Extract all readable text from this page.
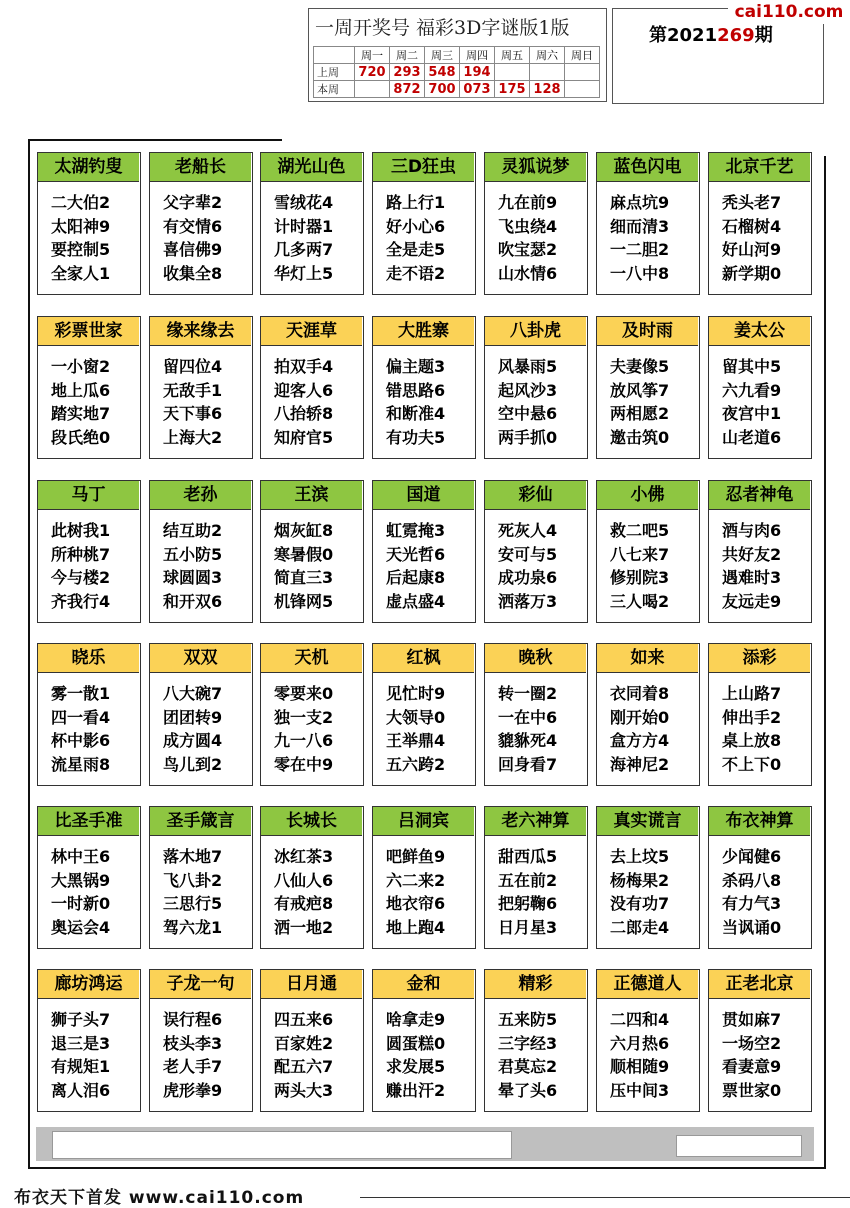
一周开奖号 福彩3D字谜版1版
	周一	周二	周三	周四	周五	周六	周日
上周	720	293	548	194			
本周		872	700	073	175	128	
第2021269期
cai110.com
太湖钓叟
二大伯2
太阳神9
要控制5
全家人1
老船长
父字辈2
有交情6
喜信佛9
收集全8
湖光山色
雪绒花4
计时器1
几多两7
华灯上5
三D狂虫
路上行1
好小心6
全是走5
走不语2
灵狐说梦
九在前9
飞虫绕4
吹宝瑟2
山水情6
蓝色闪电
麻点坑9
细而清3
一二胆2
一八中8
北京千艺
秃头老7
石榴树4
好山河9
新学期0
彩票世家
一小窗2
地上瓜6
踏实地7
段氏绝0
缘来缘去
留四位4
无敌手1
天下事6
上海大2
天涯草
拍双手4
迎客人6
八抬轿8
知府官5
大胜寨
偏主题3
错思路6
和断准4
有功夫5
八卦虎
风暴雨5
起风沙3
空中悬6
两手抓0
及时雨
夫妻像5
放风筝7
两相愿2
邀击筑0
姜太公
留其中5
六九看9
夜宫中1
山老道6
马丁
此树我1
所种桃7
今与楼2
齐我行4
老孙
结互助2
五小防5
球圆圆3
和开双6
王滨
烟灰缸8
寒暑假0
简直三3
机锋网5
国道
虹霓掩3
天光哲6
后起康8
虚点盛4
彩仙
死灰人4
安可与5
成功泉6
洒落万3
小佛
救二吧5
八七来7
修别院3
三人喝2
忍者神龟
酒与肉6
共好友2
遇难时3
友远走9
晓乐
雾一散1
四一看4
杯中影6
流星雨8
双双
八大碗7
团团转9
成方圆4
鸟儿到2
天机
零要来0
独一支2
九一八6
零在中9
红枫
见忙时9
大领导0
王举鼎4
五六跨2
晚秋
转一圈2
一在中6
貔貅死4
回身看7
如来
衣同着8
刚开始0
盒方方4
海神尼2
添彩
上山路7
伸出手2
桌上放8
不上下0
比圣手准
林中王6
大黑锅9
一时新0
奥运会4
圣手箴言
落木地7
飞八卦2
三思行5
驾六龙1
长城长
冰红茶3
八仙人6
有戒疤8
洒一地2
吕洞宾
吧鲜鱼9
六二来2
地衣帘6
地上跑4
老六神算
甜西瓜5
五在前2
把躬鞠6
日月星3
真实谎言
去上坟5
杨梅果2
没有功7
二郎走4
布衣神算
少闻健6
杀码八8
有力气3
当讽诵0
廊坊鸿运
狮子头7
退三是3
有规矩1
离人泪6
子龙一句
误行程6
枝头李3
老人手7
虎形拳9
日月通
四五来6
百家姓2
配五六7
两头大3
金和
啥拿走9
圆蛋糕0
求发展5
赚出汗2
精彩
五来防5
三字经3
君莫忘2
晕了头6
正德道人
二四和4
六月热6
顺相随9
压中间3
正老北京
贯如麻7
一场空2
看妻意9
票世家0
布衣天下首发 www.cai110.com
